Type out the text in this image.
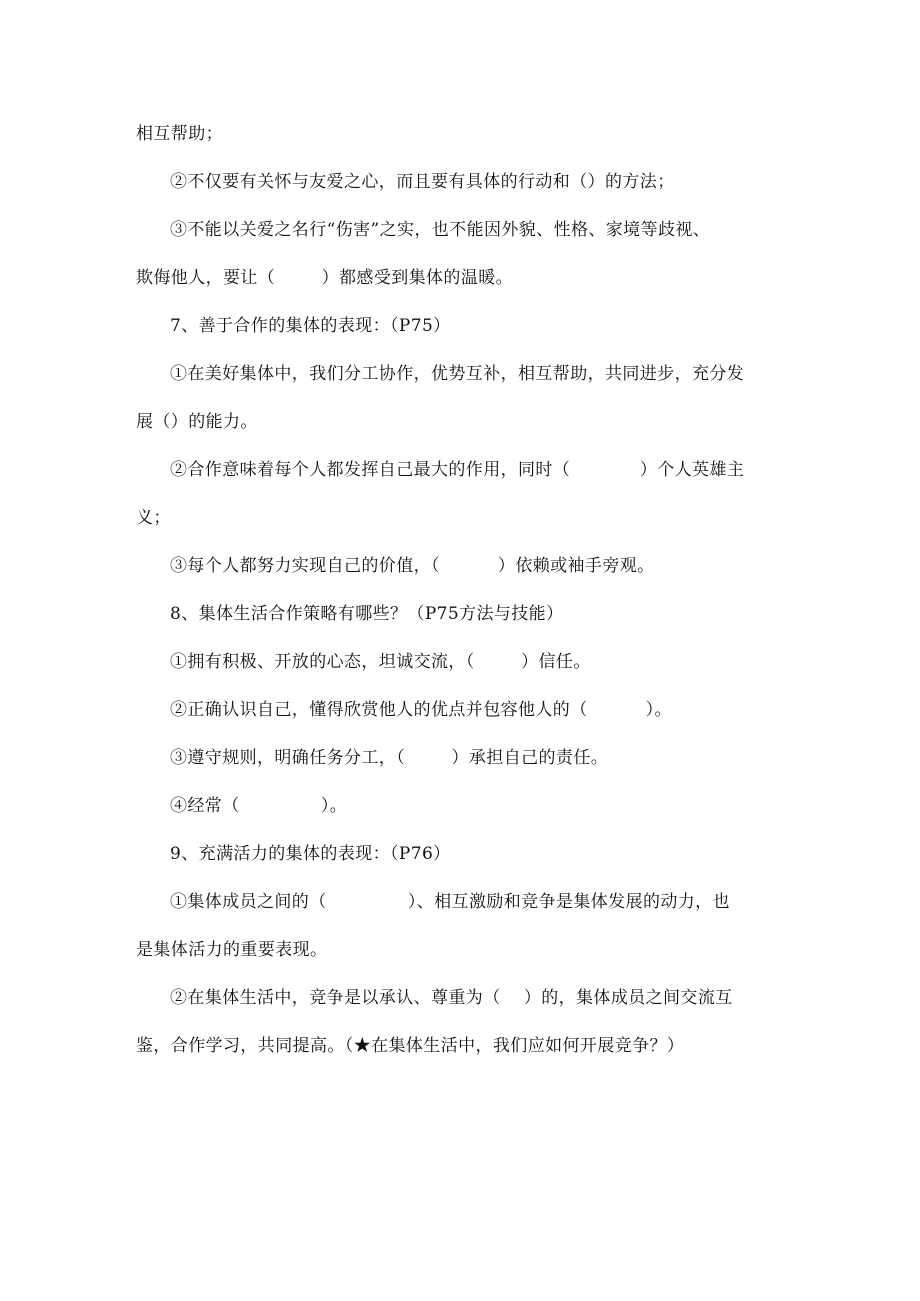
相互帮助；

②不仅要有关怀与友爱之心，而且要有具体的行动和（）的方法；

③不能以关爱之名行“伤害”之实，也不能因外貌、性格、家境等歧视、

欺侮他人，要让（        ）都感受到集体的温暖。

7、善于合作的集体的表现：（P75）

①在美好集体中，我们分工协作，优势互补，相互帮助，共同进步，充分发

展（）的能力。

②合作意味着每个人都发挥自己最大的作用，同时（            ）个人英雄主

义；

③每个人都努力实现自己的价值，（          ）依赖或袖手旁观。

8、集体生活合作策略有哪些？（P75方法与技能）

①拥有积极、开放的心态，坦诚交流，（        ）信任。

②正确认识自己，懂得欣赏他人的优点并包容他人的（          ）。

③遵守规则，明确任务分工，（        ）承担自己的责任。

④经常（              ）。

9、充满活力的集体的表现：（P76）

①集体成员之间的（              ）、相互激励和竞争是集体发展的动力，也

是集体活力的重要表现。

②在集体生活中，竞争是以承认、尊重为（    ）的，集体成员之间交流互

鉴，合作学习，共同提高。（★在集体生活中，我们应如何开展竞争？）
